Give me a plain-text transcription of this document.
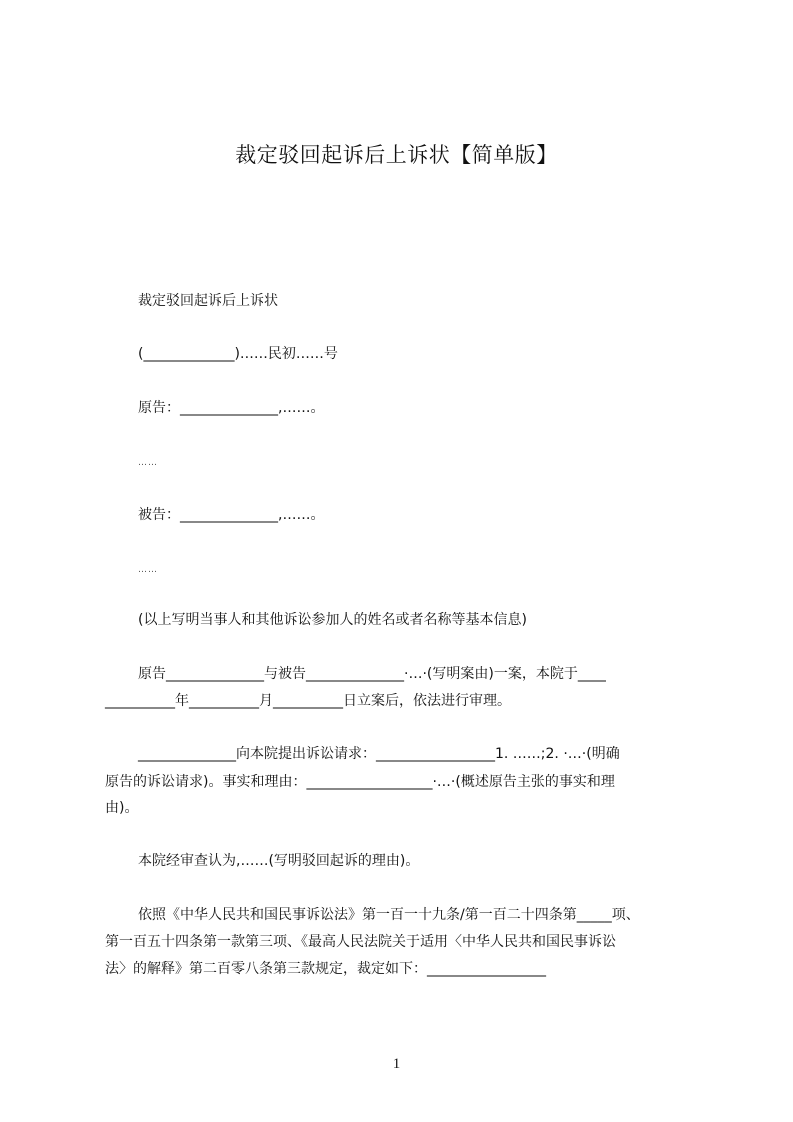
裁定驳回起诉后上诉状【简单版】
裁定驳回起诉后上诉状
(_____________)……民初……号
原告：______________,……。
……
被告：______________,……。
……
(以上写明当事人和其他诉讼参加人的姓名或者名称等基本信息)
原告______________与被告______________·…·(写明案由)一案，本院于____
__________年__________月__________日立案后，依法进行审理。
______________向本院提出诉讼请求：_________________1. ……;2. ·…·(明确
原告的诉讼请求)。事实和理由：__________________·…·(概述原告主张的事实和理
由)。
本院经审查认为,……(写明驳回起诉的理由)。
依照《中华人民共和国民事诉讼法》第一百一十九条/第一百二十四条第_____项、
第一百五十四条第一款第三项、《最高人民法院关于适用〈中华人民共和国民事诉讼
法〉的解释》第二百零八条第三款规定，裁定如下：_________________
1
